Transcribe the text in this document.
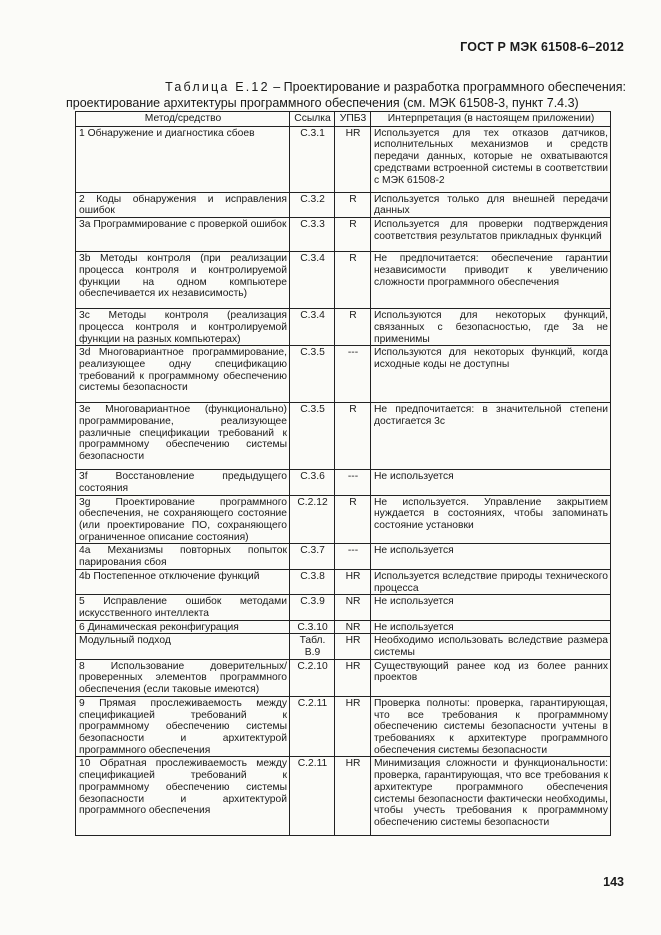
ГОСТ Р МЭК 61508-6–2012
Таблица Е.12 – Проектирование и разработка программного обеспечения:
проектирование архитектуры программного обеспечения (см. МЭК 61508-3, пункт 7.4.3)
Метод/средство	Ссылка	УПБ3	Интерпретация (в настоящем приложении)
1 Обнаружение и диагностика сбоев	С.3.1	HR	Используется для тех отказов датчиков, исполнительных механизмов и средств передачи данных, которые не охватываются средствами встроенной системы в соответствии с МЭК 61508-2
2 Коды обнаружения и исправления ошибок	С.3.2	R	Используется только для внешней передачи данных
3а Программирование с проверкой ошибок	С.3.3	R	Используется для проверки подтверждения соответствия результатов прикладных функций
3b Методы контроля (при реализации процесса контроля и контролируемой функции на одном компьютере обеспечивается их независимость)	С.3.4	R	Не предпочитается: обеспечение гарантии независимости приводит к увеличению сложности программного обеспечения
3с Методы контроля (реализация процесса контроля и контролируемой функции на разных компьютерах)	С.3.4	R	Используются для некоторых функций, связанных с безопасностью, где 3а не применимы
3d Многовариантное программирование, реализующее одну спецификацию требований к программному обеспечению системы безопасности	С.3.5	---	Используются для некоторых функций, когда исходные коды не доступны
3е Многовариантное (функционально) программирование, реализующее различные спецификации требований к программному обеспечению системы безопасности	С.3.5	R	Не предпочитается: в значительной степени достигается 3с
3f Восстановление предыдущего состояния	С.3.6	---	Не используется
3g Проектирование программного обеспечения, не сохраняющего состояние (или проектирование ПО, сохраняющего ограниченное описание состояния)	С.2.12	R	Не используется. Управление закрытием нуждается в состояниях, чтобы запоминать состояние установки
4а Механизмы повторных попыток парирования сбоя	С.3.7	---	Не используется
4b Постепенное отключение функций	С.3.8	HR	Используется вследствие природы технического процесса
5 Исправление ошибок методами искусственного интеллекта	С.3.9	NR	Не используется
6 Динамическая реконфигурация	С.3.10	NR	Не используется
Модульный подход	Табл. В.9	HR	Необходимо использовать вследствие размера системы
8 Использование доверительных/проверенных элементов программного обеспечения (если таковые имеются)	С.2.10	HR	Существующий ранее код из более ранних проектов
9 Прямая прослеживаемость между спецификацией требований к программному обеспечению системы безопасности и архитектурой программного обеспечения	С.2.11	HR	Проверка полноты: проверка, гарантирующая, что все требования к программному обеспечению системы безопасности учтены в требованиях к архитектуре программного обеспечения системы безопасности
10 Обратная прослеживаемость между спецификацией требований к программному обеспечению системы безопасности и архитектурой программного обеспечения	С.2.11	HR	Минимизация сложности и функциональности: проверка, гарантирующая, что все требования к архитектуре программного обеспечения системы безопасности фактически необходимы, чтобы учесть требования к программному обеспечению системы безопасности
143
